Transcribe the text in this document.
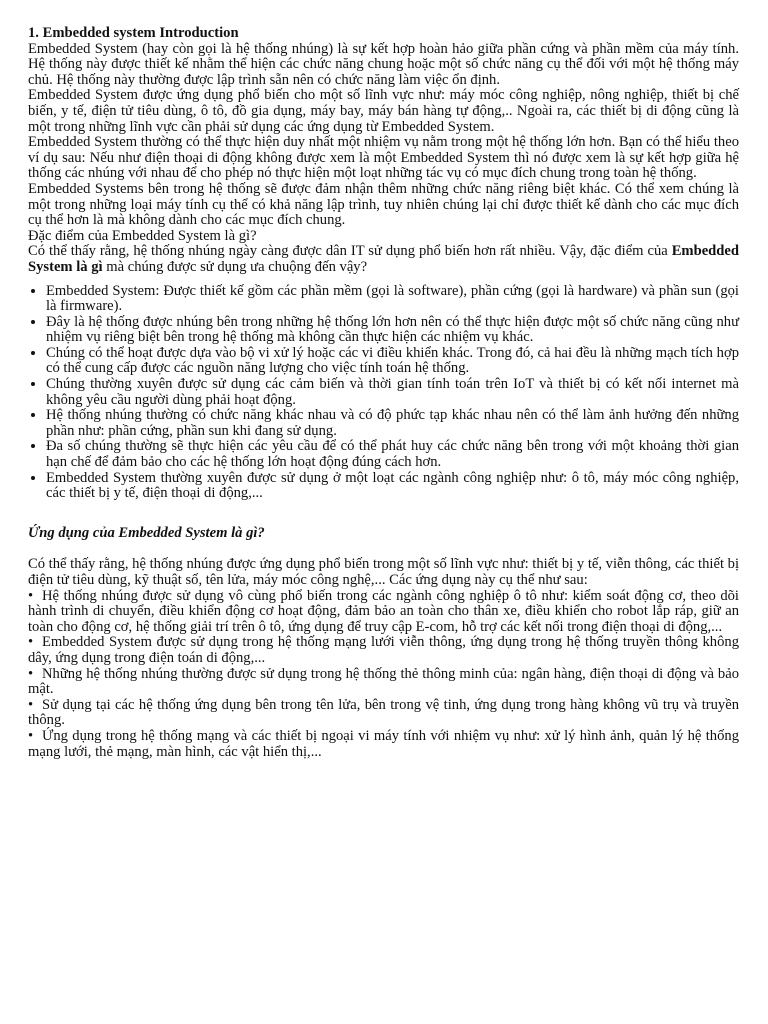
1. Embedded system Introduction

Embedded System (hay còn gọi là hệ thống nhúng) là sự kết hợp hoàn hảo giữa phần cứng và phần mềm của máy tính. Hệ thống này được thiết kế nhằm thể hiện các chức năng chung hoặc một số chức năng cụ thể đối với một hệ thống máy chủ. Hệ thống này thường được lập trình sẵn nên có chức năng làm việc ổn định.

Embedded System được ứng dụng phổ biến cho một số lĩnh vực như: máy móc công nghiệp, nông nghiệp, thiết bị chế biến, y tế, điện tử tiêu dùng, ô tô, đồ gia dụng, máy bay, máy bán hàng tự động,.. Ngoài ra, các thiết bị di động cũng là một trong những lĩnh vực cần phải sử dụng các ứng dụng từ Embedded System.

Embedded System thường có thể thực hiện duy nhất một nhiệm vụ nằm trong một hệ thống lớn hơn. Bạn có thể hiểu theo ví dụ sau: Nếu như điện thoại di động không được xem là một Embedded System thì nó được xem là sự kết hợp giữa hệ thống các nhúng với nhau để cho phép nó thực hiện một loạt những tác vụ có mục đích chung trong toàn hệ thống.

Embedded Systems bên trong hệ thống sẽ được đảm nhận thêm những chức năng riêng biệt khác. Có thể xem chúng là một trong những loại máy tính cụ thể có khả năng lập trình, tuy nhiên chúng lại chỉ được thiết kế dành cho các mục đích cụ thể hơn là mà không dành cho các mục đích chung.

Đặc điểm của Embedded System là gì?

Có thể thấy rằng, hệ thống nhúng ngày càng được dân IT sử dụng phổ biến hơn rất nhiều. Vậy, đặc điểm của Embedded System là gì mà chúng được sử dụng ưa chuộng đến vậy?

• Embedded System: Được thiết kế gồm các phần mềm (gọi là software), phần cứng (gọi là hardware) và phần sun (gọi là firmware).
• Đây là hệ thống được nhúng bên trong những hệ thống lớn hơn nên có thể thực hiện được một số chức năng cũng như nhiệm vụ riêng biệt bên trong hệ thống mà không cần thực hiện các nhiệm vụ khác.
• Chúng có thể hoạt được dựa vào bộ vi xử lý hoặc các vi điều khiển khác. Trong đó, cả hai đều là những mạch tích hợp có thể cung cấp được các nguồn năng lượng cho việc tính toán hệ thống.
• Chúng thường xuyên được sử dụng các cảm biến và thời gian tính toán trên IoT và thiết bị có kết nối internet mà không yêu cầu người dùng phải hoạt động.
• Hệ thống nhúng thường có chức năng khác nhau và có độ phức tạp khác nhau nên có thể làm ảnh hưởng đến những phần như: phần cứng, phần sun khi đang sử dụng.
• Đa số chúng thường sẽ thực hiện các yêu cầu để có thể phát huy các chức năng bên trong với một khoảng thời gian hạn chế để đảm bảo cho các hệ thống lớn hoạt động đúng cách hơn.
• Embedded System thường xuyên được sử dụng ở một loạt các ngành công nghiệp như: ô tô, máy móc công nghiệp, các thiết bị y tế, điện thoại di động,...
Ứng dụng của Embedded System là gì?

Có thể thấy rằng, hệ thống nhúng được ứng dụng phổ biến trong một số lĩnh vực như: thiết bị y tế, viễn thông, các thiết bị điện tử tiêu dùng, kỹ thuật số, tên lửa, máy móc công nghệ,... Các ứng dụng này cụ thể như sau:

• Hệ thống nhúng được sử dụng vô cùng phổ biến trong các ngành công nghiệp ô tô như: kiểm soát động cơ, theo dõi hành trình di chuyển, điều khiển động cơ hoạt động, đảm bảo an toàn cho thân xe, điều khiển cho robot lắp ráp, giữ an toàn cho động cơ, hệ thống giải trí trên ô tô, ứng dụng để truy cập E-com, hỗ trợ các kết nối trong điện thoại di động,...

• Embedded System được sử dụng trong hệ thống mạng lưới viễn thông, ứng dụng trong hệ thống truyền thông không dây, ứng dụng trong điện toán di động,...

• Những hệ thống nhúng thường được sử dụng trong hệ thống thẻ thông minh của: ngân hàng, điện thoại di động và bảo mật.

• Sử dụng tại các hệ thống ứng dụng bên trong tên lửa, bên trong vệ tinh, ứng dụng trong hàng không vũ trụ và truyền thông.

• Ứng dụng trong hệ thống mạng và các thiết bị ngoại vi máy tính với nhiệm vụ như: xử lý hình ảnh, quản lý hệ thống mạng lưới, thẻ mạng, màn hình, các vật hiển thị,...
